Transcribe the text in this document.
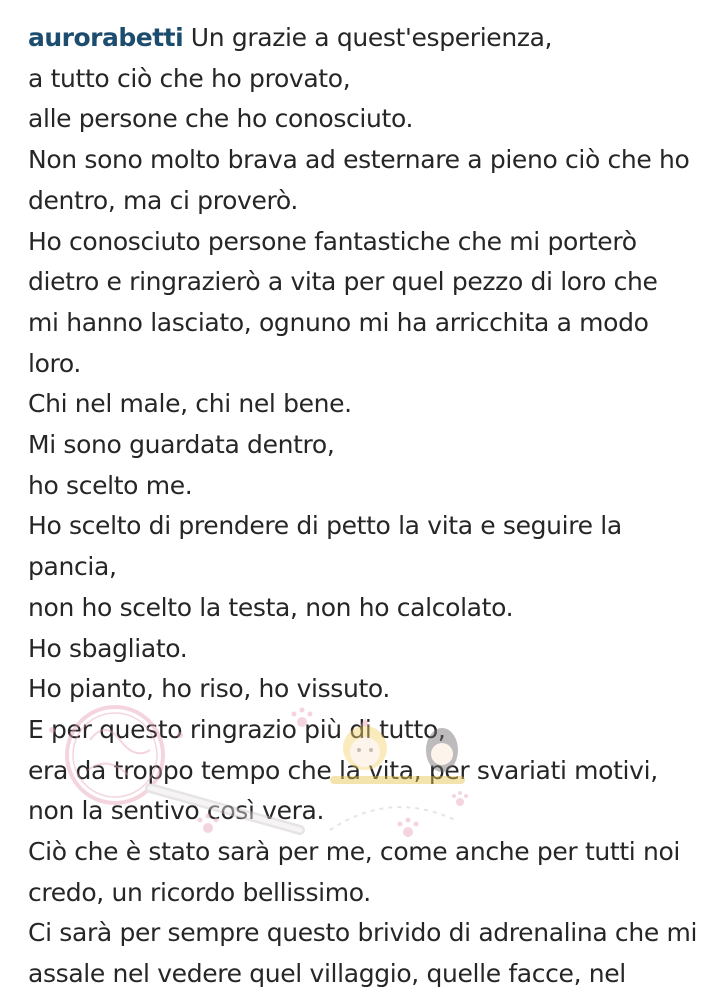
aurorabetti Un grazie a quest'esperienza,
a tutto ciò che ho provato,
alle persone che ho conosciuto.
Non sono molto brava ad esternare a pieno ciò che ho
dentro, ma ci proverò.
Ho conosciuto persone fantastiche che mi porterò
dietro e ringrazierò a vita per quel pezzo di loro che
mi hanno lasciato, ognuno mi ha arricchita a modo
loro.
Chi nel male, chi nel bene.
Mi sono guardata dentro,
ho scelto me.
Ho scelto di prendere di petto la vita e seguire la
pancia,
non ho scelto la testa, non ho calcolato.
Ho sbagliato.
Ho pianto, ho riso, ho vissuto.
E per questo ringrazio più di tutto,
era da troppo tempo che la vita, per svariati motivi,
non la sentivo così vera.
Ciò che è stato sarà per me, come anche per tutti noi
credo, un ricordo bellissimo.
Ci sarà per sempre questo brivido di adrenalina che mi
assale nel vedere quel villaggio, quelle facce, nel
